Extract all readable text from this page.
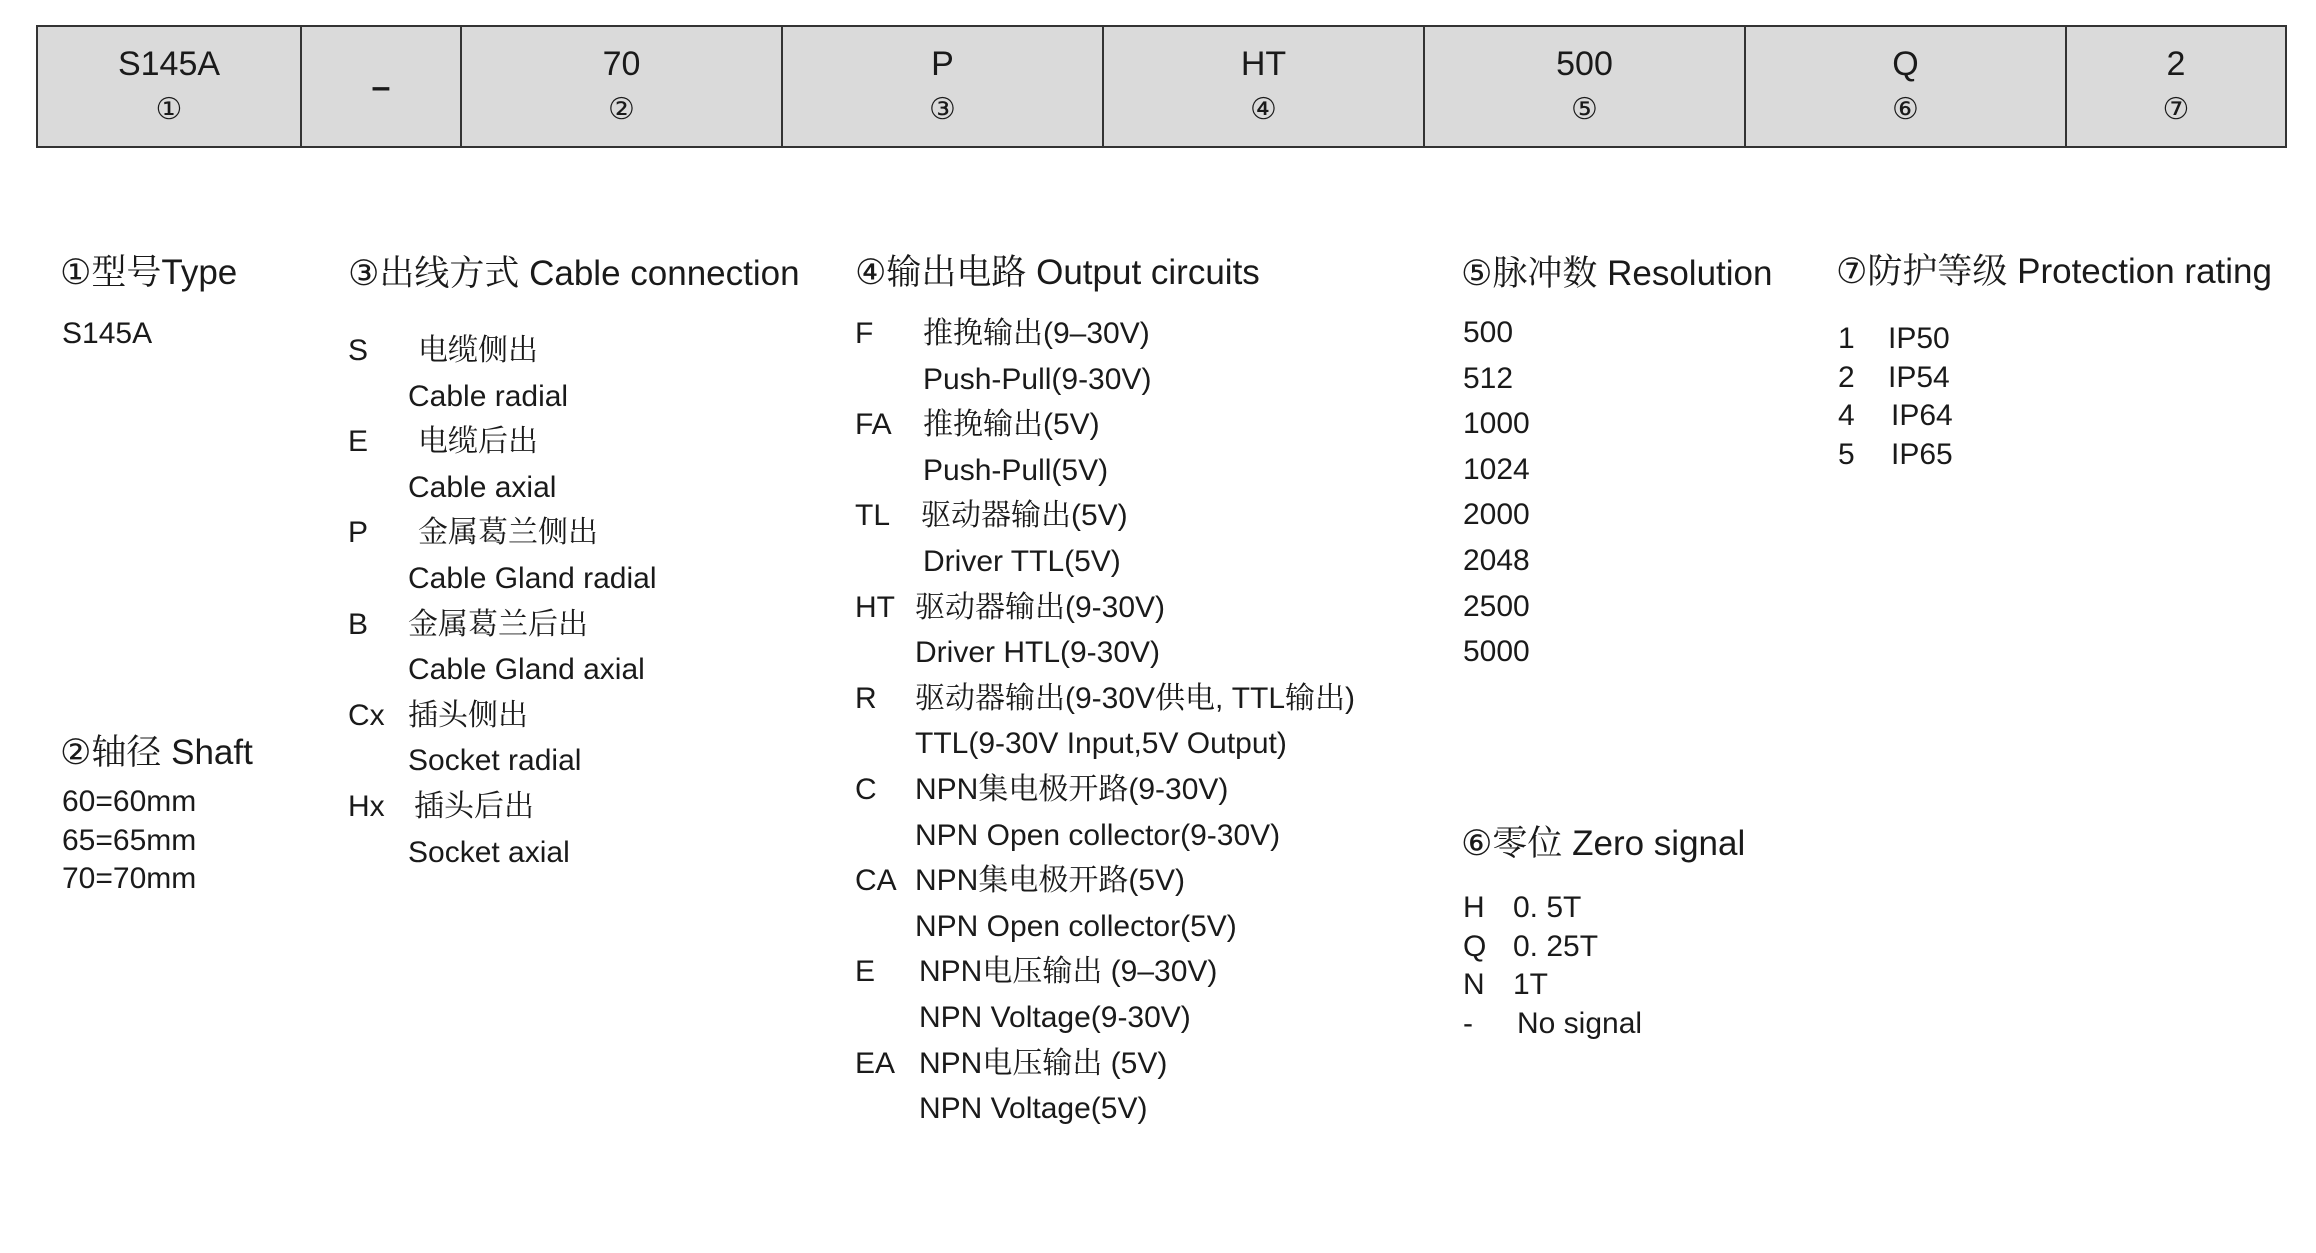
S145A
①
–
70
②
P
③
HT
④
500
⑤
Q
⑥
2
⑦
①型号Type
S145A
②轴径 Shaft
60=60mm
65=65mm
70=70mm
③出线方式 Cable connection
S 电缆侧出
Cable radial
E 电缆后出
Cable axial
P 金属葛兰侧出
Cable Gland radial
B 金属葛兰后出
Cable Gland axial
Cx 插头侧出
Socket radial
Hx 插头后出
Socket axial
④输出电路 Output circuits
F 推挽输出(9–30V)
Push-Pull(9-30V)
FA 推挽输出(5V)
Push-Pull(5V)
TL 驱动器输出(5V)
Driver TTL(5V)
HT 驱动器输出(9-30V)
Driver HTL(9-30V)
R 驱动器输出(9-30V供电, TTL输出)
TTL(9-30V Input,5V Output)
C NPN集电极开路(9-30V)
NPN Open collector(9-30V)
CA NPN集电极开路(5V)
NPN Open collector(5V)
E NPN电压输出 (9–30V)
NPN Voltage(9-30V)
EA NPN电压输出 (5V)
NPN Voltage(5V)
⑤脉冲数 Resolution
500
512
1000
1024
2000
2048
2500
5000
⑥零位 Zero signal
H 0. 5T
Q 0. 25T
N 1T
- No signal
⑦防护等级 Protection rating
1 IP50
2 IP54
4 IP64
5 IP65
